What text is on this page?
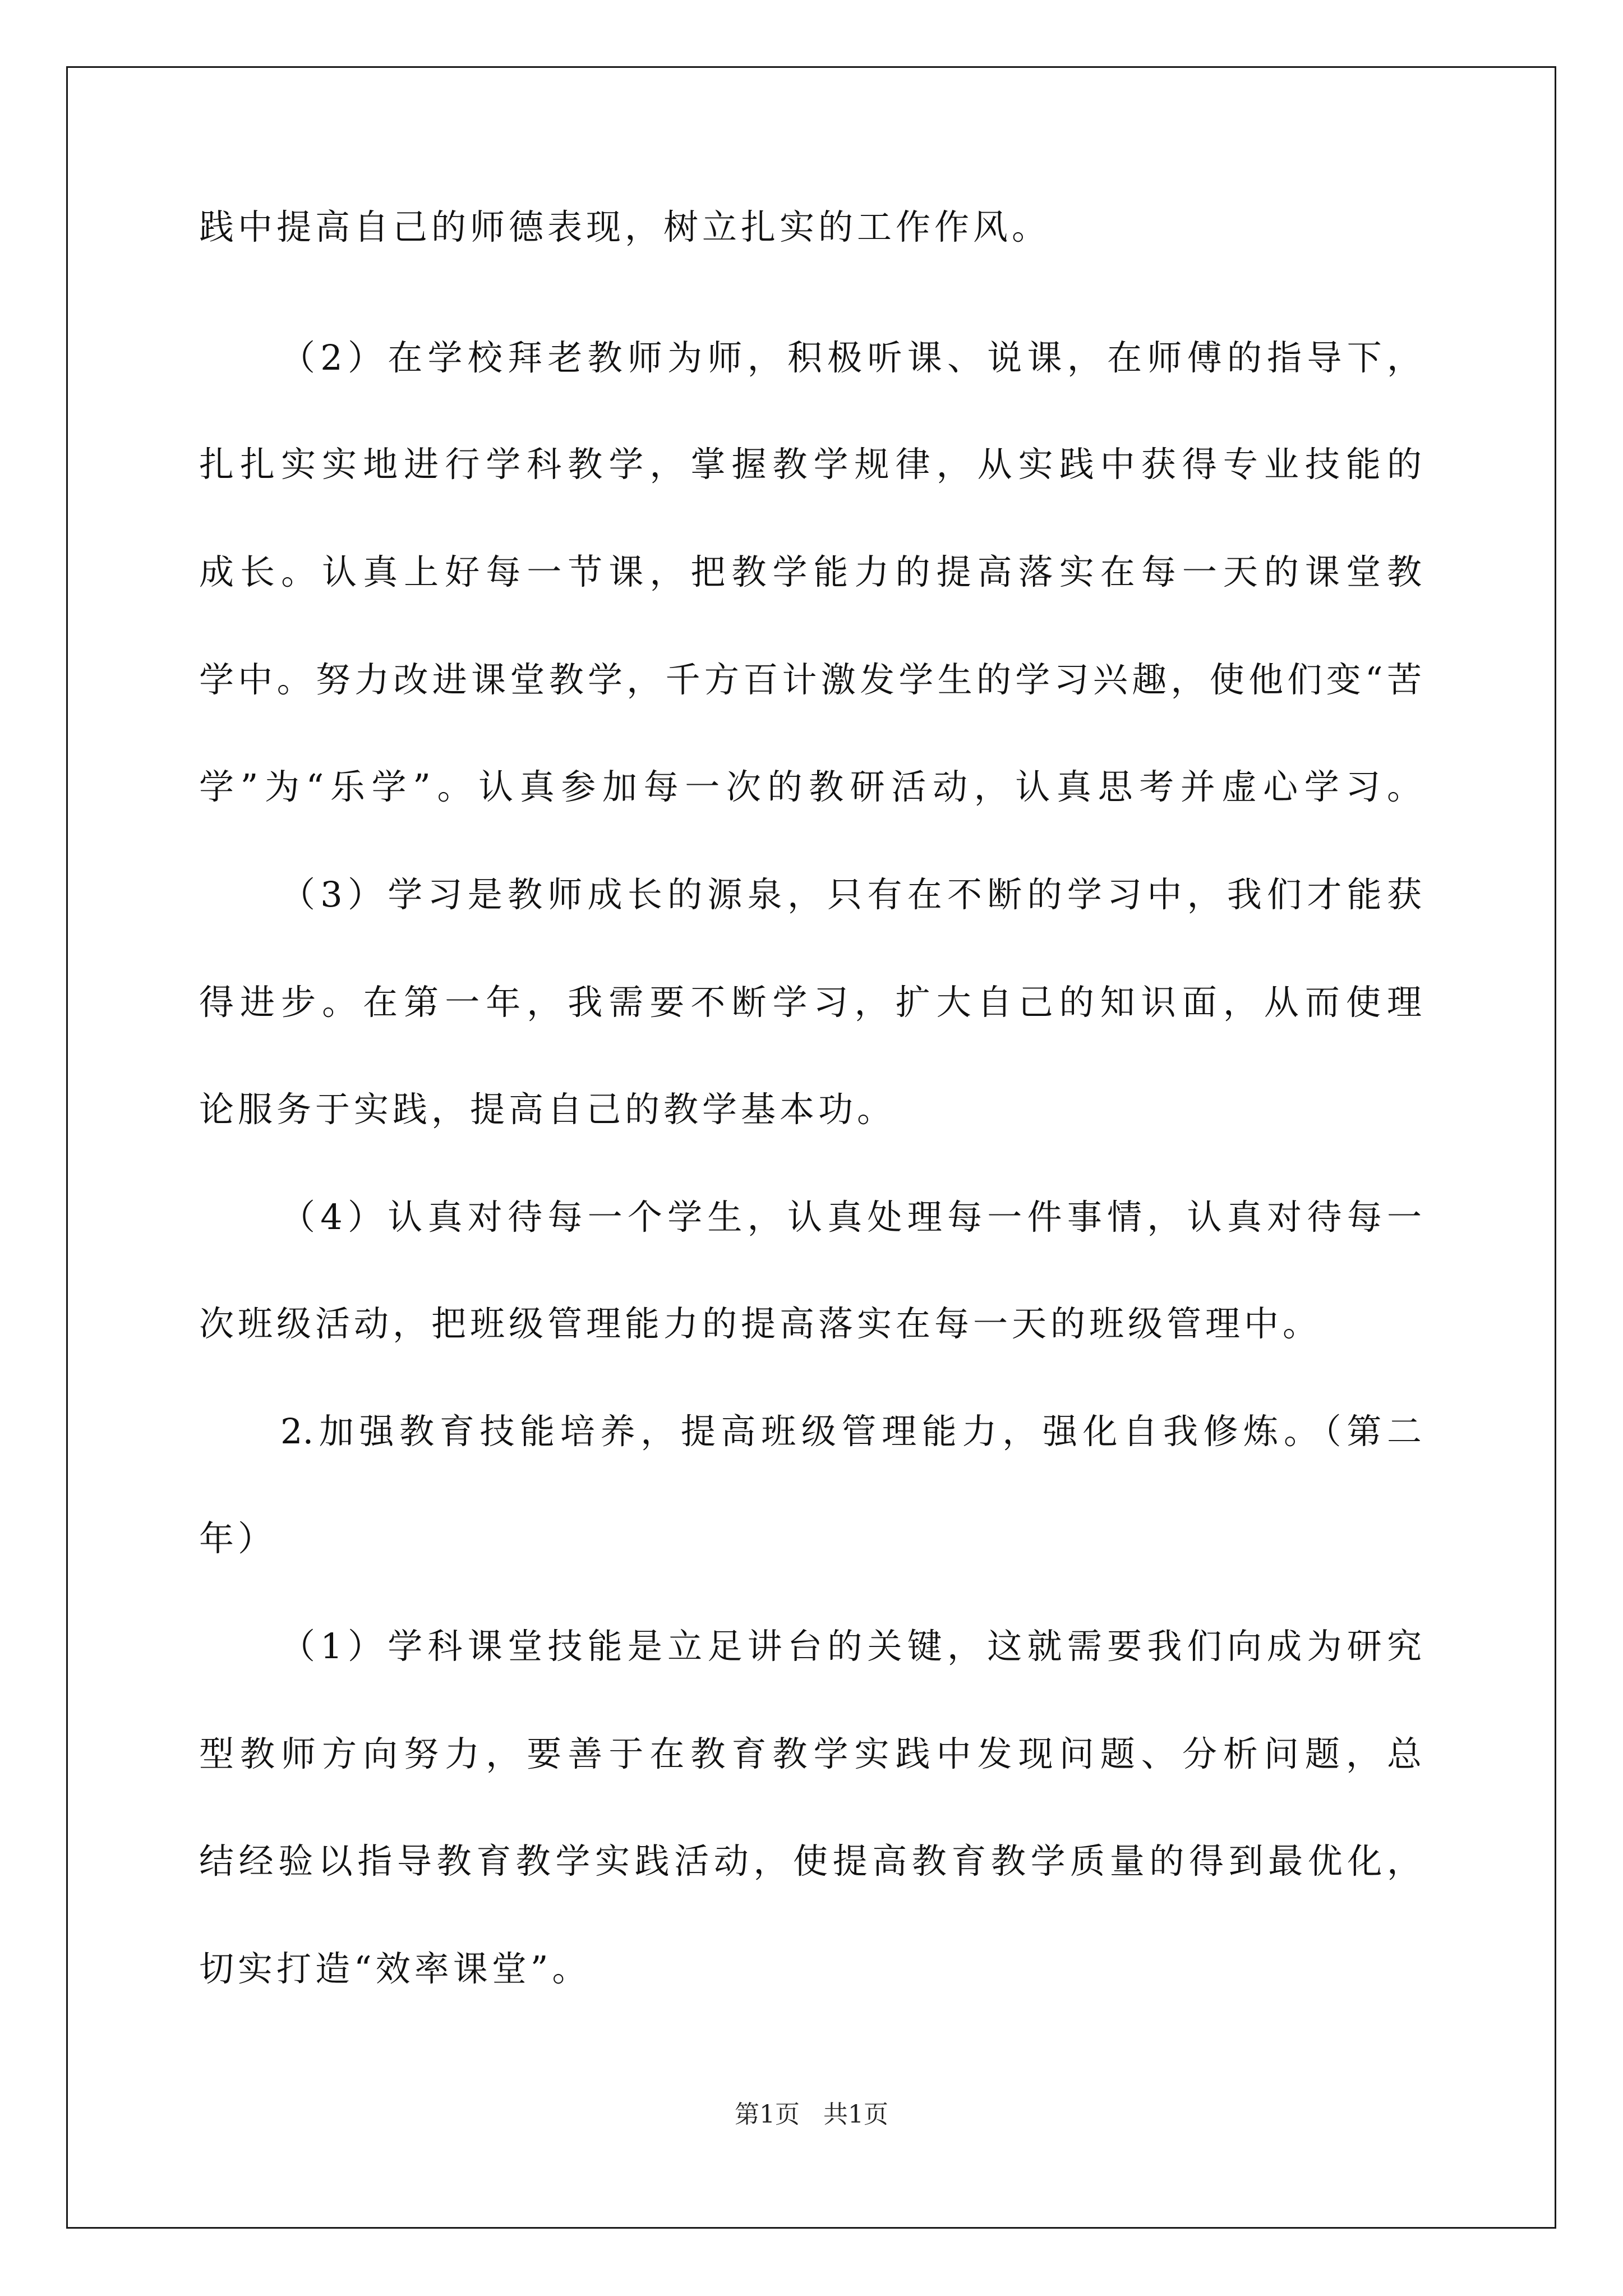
践中提高自己的师德表现，树立扎实的工作作风。
（2）在学校拜老教师为师，积极听课、说课，在师傅的指导下，
扎扎实实地进行学科教学，掌握教学规律，从实践中获得专业技能的
成长。认真上好每一节课，把教学能力的提高落实在每一天的课堂教
学中。努力改进课堂教学，千方百计激发学生的学习兴趣，使他们变“苦
学”为“乐学”。认真参加每一次的教研活动，认真思考并虚心学习。
（3）学习是教师成长的源泉，只有在不断的学习中，我们才能获
得进步。在第一年，我需要不断学习，扩大自己的知识面，从而使理
论服务于实践，提高自己的教学基本功。
（4）认真对待每一个学生，认真处理每一件事情，认真对待每一
次班级活动，把班级管理能力的提高落实在每一天的班级管理中。
2.加强教育技能培养，提高班级管理能力，强化自我修炼。（第二
年）
（1）学科课堂技能是立足讲台的关键，这就需要我们向成为研究
型教师方向努力，要善于在教育教学实践中发现问题、分析问题，总
结经验以指导教育教学实践活动，使提高教育教学质量的得到最优化，
切实打造“效率课堂”。
第1页   共1页
